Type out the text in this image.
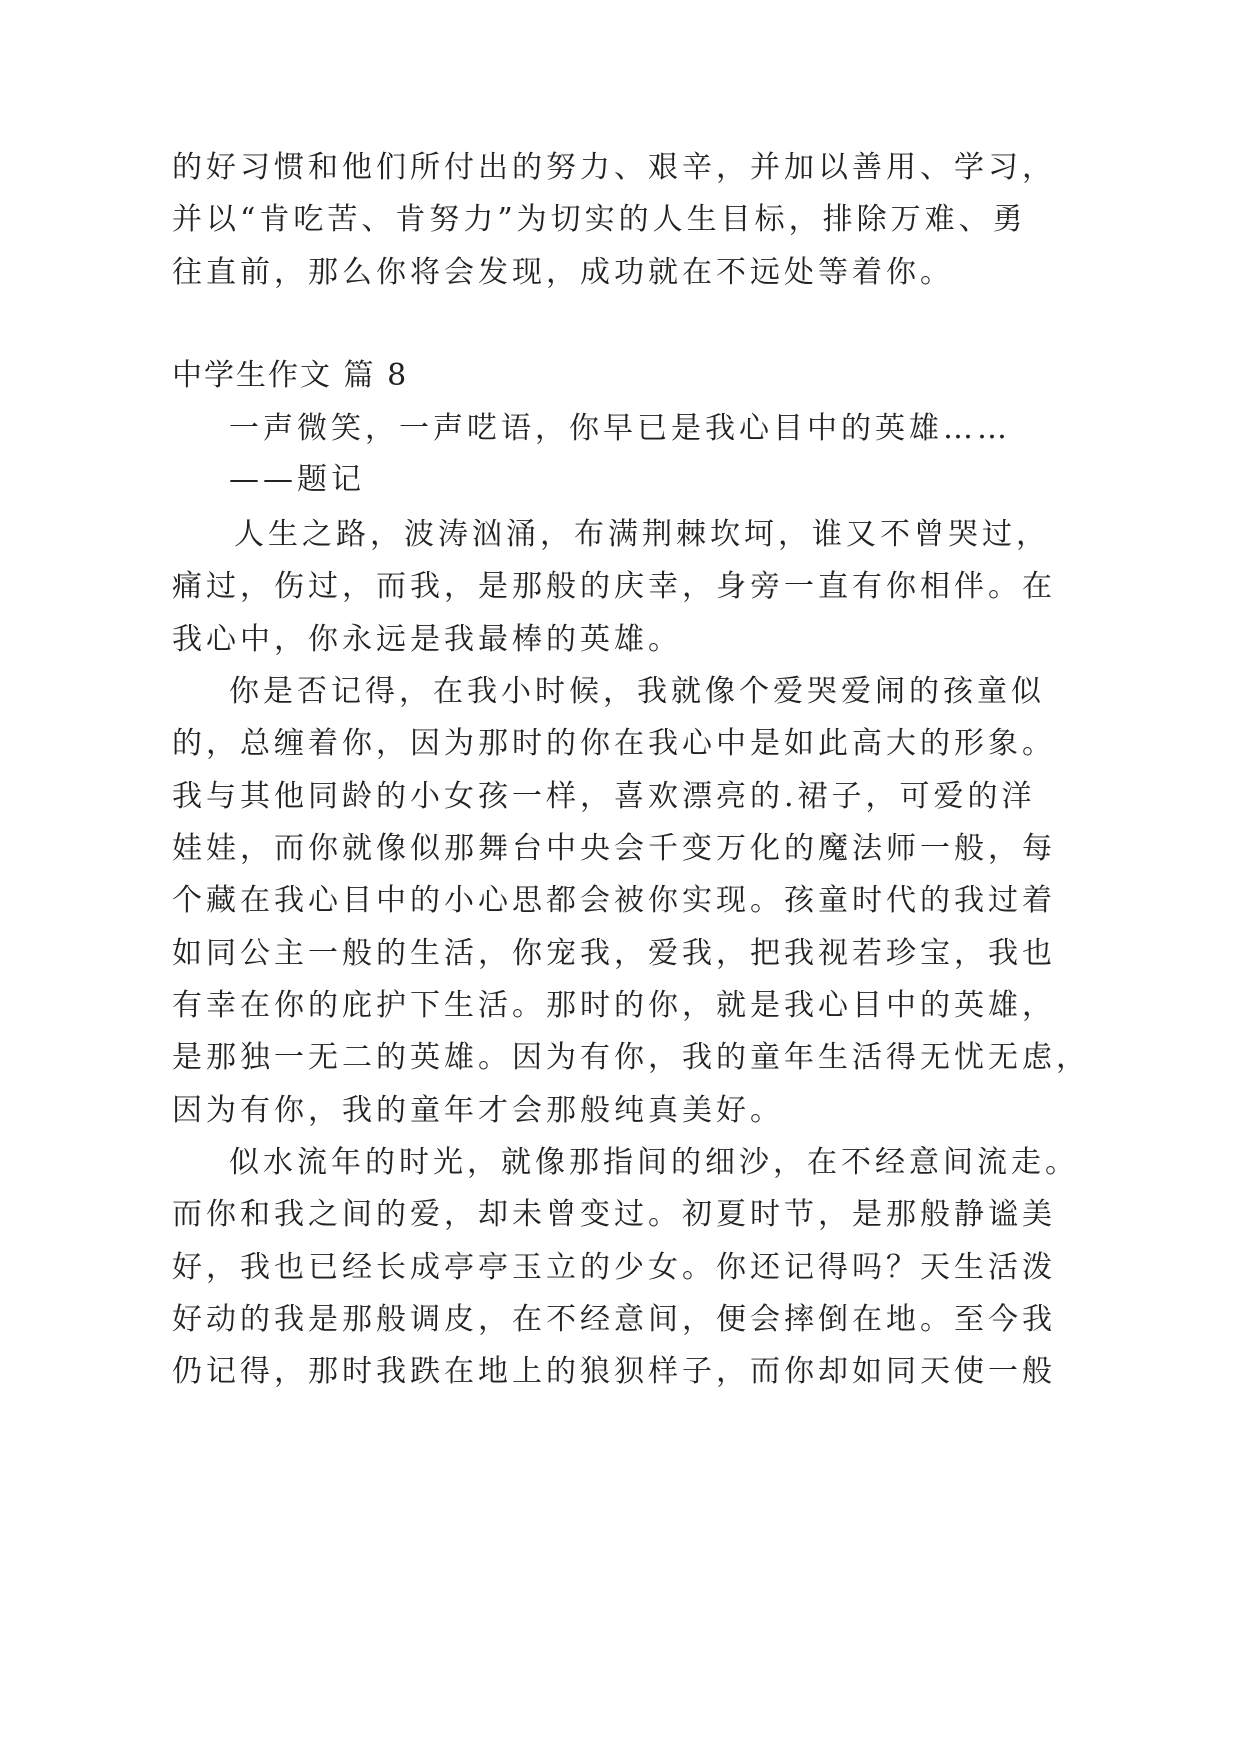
的好习惯和他们所付出的努力、艰辛，并加以善用、学习，
并以“肯吃苦、肯努力”为切实的人生目标，排除万难、勇
往直前，那么你将会发现，成功就在不远处等着你。
中学生作文 篇 8
一声微笑，一声呓语，你早已是我心目中的英雄……
——题记
人生之路，波涛汹涌，布满荆棘坎坷，谁又不曾哭过，
痛过，伤过，而我，是那般的庆幸，身旁一直有你相伴。在
我心中，你永远是我最棒的英雄。
你是否记得，在我小时候，我就像个爱哭爱闹的孩童似
的，总缠着你，因为那时的你在我心中是如此高大的形象。
我与其他同龄的小女孩一样，喜欢漂亮的.裙子，可爱的洋
娃娃，而你就像似那舞台中央会千变万化的魔法师一般，每
个藏在我心目中的小心思都会被你实现。孩童时代的我过着
如同公主一般的生活，你宠我，爱我，把我视若珍宝，我也
有幸在你的庇护下生活。那时的你，就是我心目中的英雄，
是那独一无二的英雄。因为有你，我的童年生活得无忧无虑，
因为有你，我的童年才会那般纯真美好。
似水流年的时光，就像那指间的细沙，在不经意间流走。
而你和我之间的爱，却未曾变过。初夏时节，是那般静谧美
好，我也已经长成亭亭玉立的少女。你还记得吗？天生活泼
好动的我是那般调皮，在不经意间，便会摔倒在地。至今我
仍记得，那时我跌在地上的狼狈样子，而你却如同天使一般
